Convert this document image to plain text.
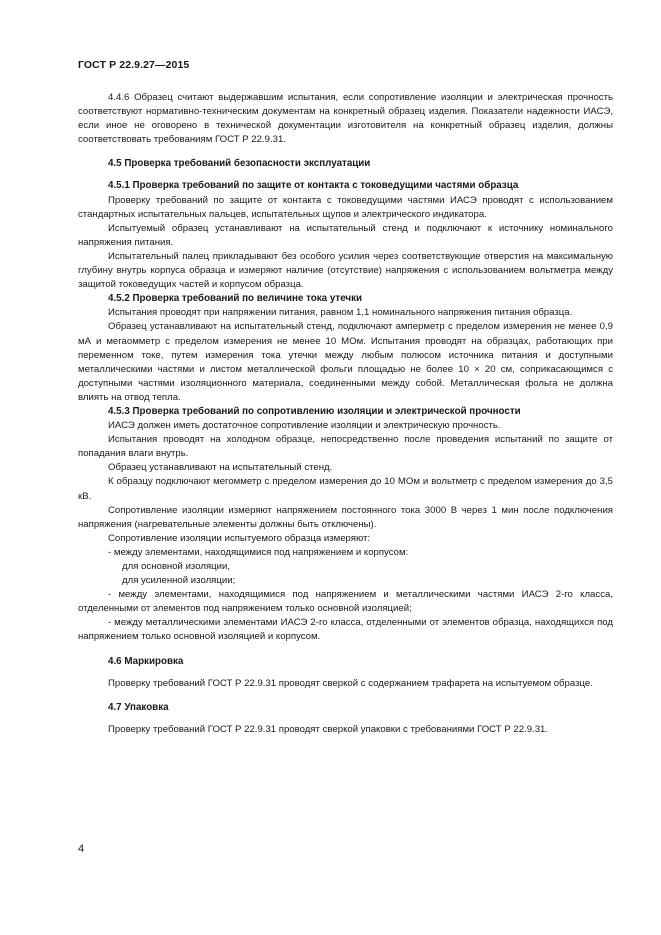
ГОСТ Р 22.9.27—2015

4.4.6 Образец считают выдержавшим испытания, если сопротивление изоляции и электрическая прочность соответствуют нормативно-техническим документам на конкретный образец изделия. Показатели надежности ИАСЭ, если иное не оговорено в технической документации изготовителя на конкретный образец изделия, должны соответствовать требованиям ГОСТ Р 22.9.31.

4.5 Проверка требований безопасности эксплуатации
4.5.1 Проверка требований по защите от контакта с токоведущими частями образца

Проверку требований по защите от контакта с токоведущими частями ИАСЭ проводят с использованием стандартных испытательных пальцев, испытательных щупов и электрического индикатора.

Испытуемый образец устанавливают на испытательный стенд и подключают к источнику номинального напряжения питания.

Испытательный палец прикладывают без особого усилия через соответствующие отверстия на максимальную глубину внутрь корпуса образца и измеряют наличие (отсутствие) напряжения с использованием вольтметра между защитой токоведущих частей и корпусом образца.

4.5.2 Проверка требований по величине тока утечки

Испытания проводят при напряжении питания, равном 1,1 номинального напряжения питания образца.

Образец устанавливают на испытательный стенд, подключают амперметр с пределом измерения не менее 0,9 мА и мегаомметр с пределом измерения не менее 10 МОм. Испытания проводят на образцах, работающих при переменном токе, путем измерения тока утечки между любым полюсом источника питания и доступными металлическими частями и листом металлической фольги площадью не более 10 × 20 см, соприкасающимся с доступными частями изоляционного материала, соединенными между собой. Металлическая фольга не должна влиять на отвод тепла.

4.5.3 Проверка требований по сопротивлению изоляции и электрической прочности

ИАСЭ должен иметь достаточное сопротивление изоляции и электрическую прочность.

Испытания проводят на холодном образце, непосредственно после проведения испытаний по защите от попадания влаги внутрь.

Образец устанавливают на испытательный стенд.

К образцу подключают мегомметр с пределом измерения до 10 МОм и вольтметр с пределом измерения до 3,5 кВ.

Сопротивление изоляции измеряют напряжением постоянного тока 3000 В через 1 мин после подключения напряжения (нагревательные элементы должны быть отключены).

Сопротивление изоляции испытуемого образца измеряют:

- между элементами, находящимися под напряжением и корпусом:

для основной изоляции,

для усиленной изоляции;

- между элементами, находящимися под напряжением и металлическими частями ИАСЭ 2-го класса, отделенными от элементов под напряжением только основной изоляцией;

- между металлическими элементами ИАСЭ 2-го класса, отделенными от элементов образца, находящихся под напряжением только основной изоляцией и корпусом.

4.6 Маркировка

Проверку требований ГОСТ Р 22.9.31 проводят сверкой с содержанием трафарета на испытуемом образце.

4.7 Упаковка

Проверку требований ГОСТ Р 22.9.31 проводят сверкой упаковки с требованиями ГОСТ Р 22.9.31.

4
